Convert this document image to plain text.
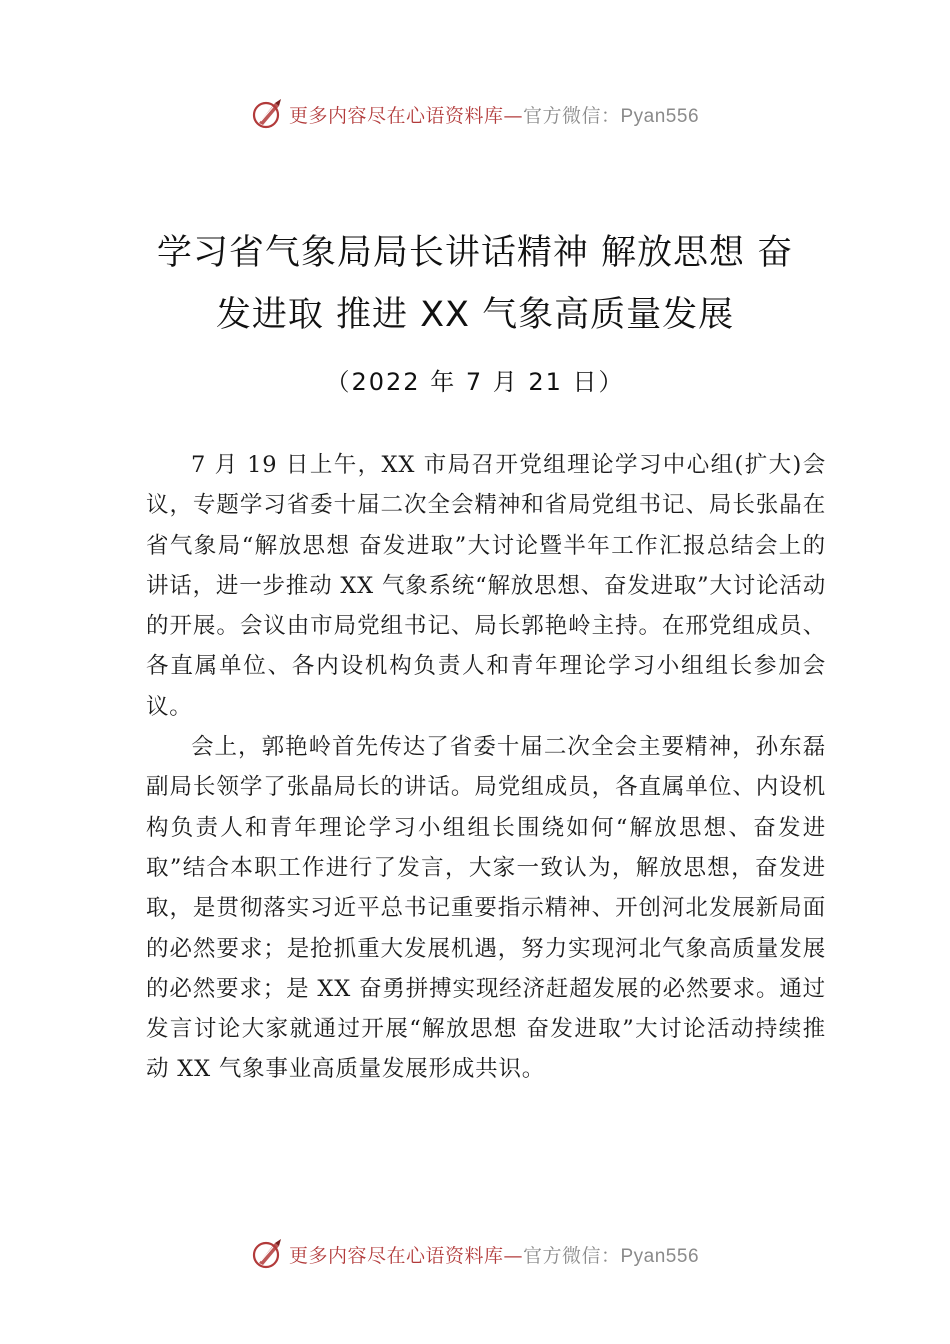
更多内容尽在心语资料库—官方微信：Pyan556
学习省气象局局长讲话精神 解放思想 奋
发进取 推进 XX 气象高质量发展
（2022 年 7 月 21 日）

7 月 19 日上午，XX 市局召开党组理论学习中心组(扩大)会议，专题学习省委十届二次全会精神和省局党组书记、局长张晶在省气象局“解放思想 奋发进取”大讨论暨半年工作汇报总结会上的讲话，进一步推动 XX 气象系统“解放思想、奋发进取”大讨论活动的开展。会议由市局党组书记、局长郭艳岭主持。在邢党组成员、各直属单位、各内设机构负责人和青年理论学习小组组长参加会议。

会上，郭艳岭首先传达了省委十届二次全会主要精神，孙东磊副局长领学了张晶局长的讲话。局党组成员，各直属单位、内设机构负责人和青年理论学习小组组长围绕如何“解放思想、奋发进取”结合本职工作进行了发言，大家一致认为，解放思想，奋发进取，是贯彻落实习近平总书记重要指示精神、开创河北发展新局面的必然要求；是抢抓重大发展机遇，努力实现河北气象高质量发展的必然要求；是 XX 奋勇拼搏实现经济赶超发展的必然要求。通过发言讨论大家就通过开展“解放思想 奋发进取”大讨论活动持续推动 XX 气象事业高质量发展形成共识。

更多内容尽在心语资料库—官方微信：Pyan556
